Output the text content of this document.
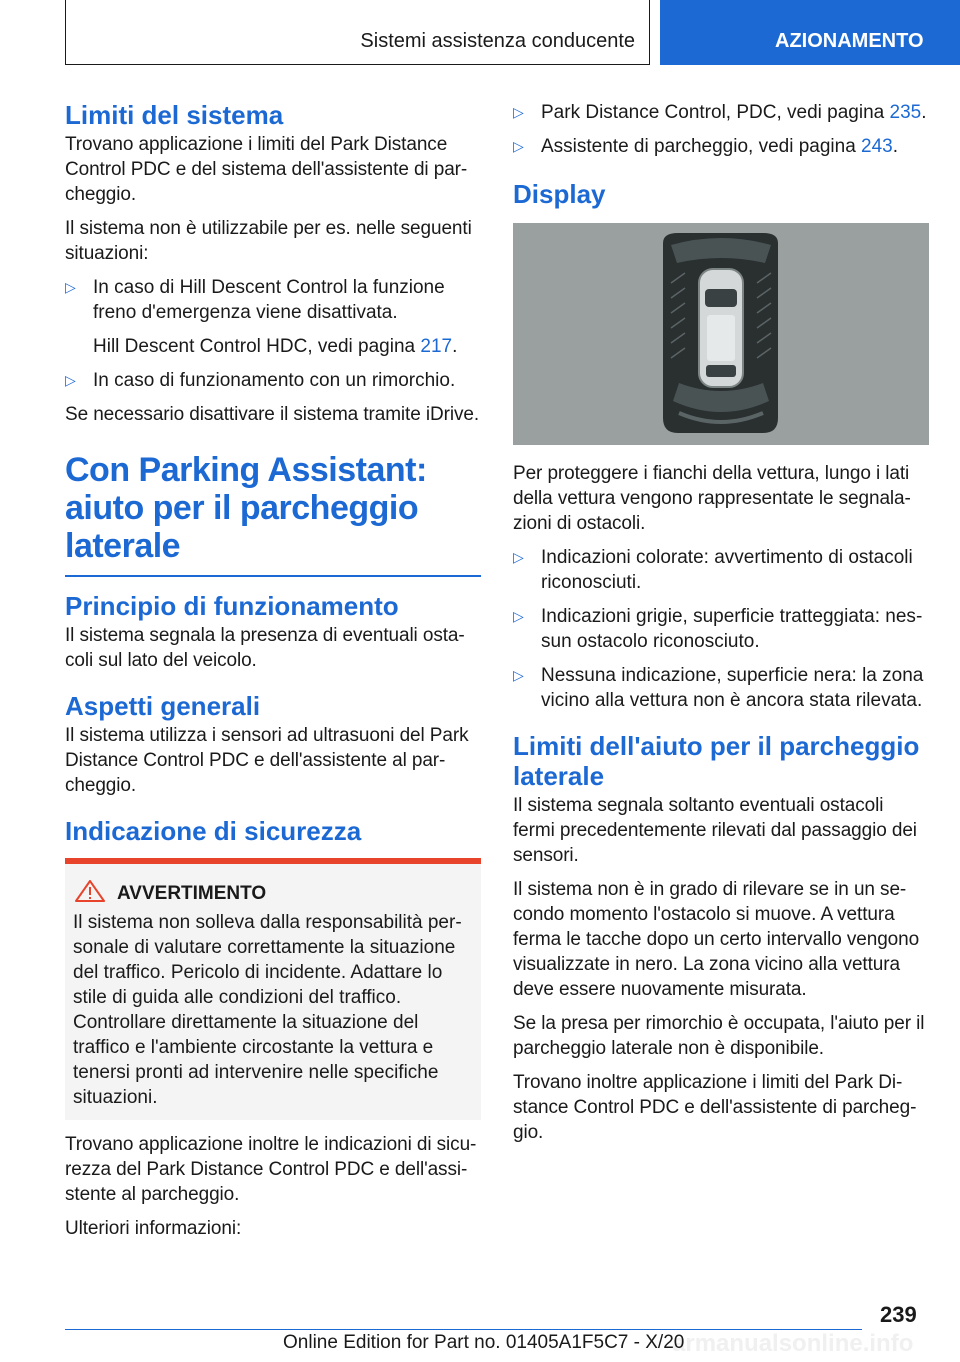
Sistemi assistenza conducente	AZIONAMENTO
Limiti del sistema

Trovano applicazione i limiti del Park Distance Control PDC e del sistema dell'assistente di parcheggio.

Il sistema non è utilizzabile per es. nelle seguenti situazioni:

▷ In caso di Hill Descent Control la funzione freno d'emergenza viene disattivata.
Hill Descent Control HDC, vedi pagina 217.
▷ In caso di funzionamento con un rimorchio.

Se necessario disattivare il sistema tramite iDrive.

Con Parking Assistant: aiuto per il parcheggio laterale
Principio di funzionamento

Il sistema segnala la presenza di eventuali ostacoli sul lato del veicolo.

Aspetti generali

Il sistema utilizza i sensori ad ultrasuoni del Park Distance Control PDC e dell'assistente al parcheggio.

Indicazione di sicurezza
AVVERTIMENTO

Il sistema non solleva dalla responsabilità personale di valutare correttamente la situazione del traffico. Pericolo di incidente. Adattare lo stile di guida alle condizioni del traffico. Controllare direttamente la situazione del traffico e l'ambiente circostante la vettura e tenersi pronti ad intervenire nelle specifiche situazioni.

Trovano applicazione inoltre le indicazioni di sicurezza del Park Distance Control PDC e dell'assistente al parcheggio.

Ulteriori informazioni:

▷ Park Distance Control, PDC, vedi pagina 235.
▷ Assistente di parcheggio, vedi pagina 243.
Display

Per proteggere i fianchi della vettura, lungo i lati della vettura vengono rappresentate le segnalazioni di ostacoli.

▷ Indicazioni colorate: avvertimento di ostacoli riconosciuti.
▷ Indicazioni grigie, superficie tratteggiata: nessun ostacolo riconosciuto.
▷ Nessuna indicazione, superficie nera: la zona vicino alla vettura non è ancora stata rilevata.
Limiti dell'aiuto per il parcheggio laterale

Il sistema segnala soltanto eventuali ostacoli fermi precedentemente rilevati dal passaggio dei sensori.

Il sistema non è in grado di rilevare se in un secondo momento l'ostacolo si muove. A vettura ferma le tacche dopo un certo intervallo vengono visualizzate in nero. La zona vicino alla vettura deve essere nuovamente misurata.

Se la presa per rimorchio è occupata, l'aiuto per il parcheggio laterale non è disponibile.

Trovano inoltre applicazione i limiti del Park Distance Control PDC e dell'assistente di parcheggio.

239
armanualsonline.info
Online Edition for Part no. 01405A1F5C7 - X/20
